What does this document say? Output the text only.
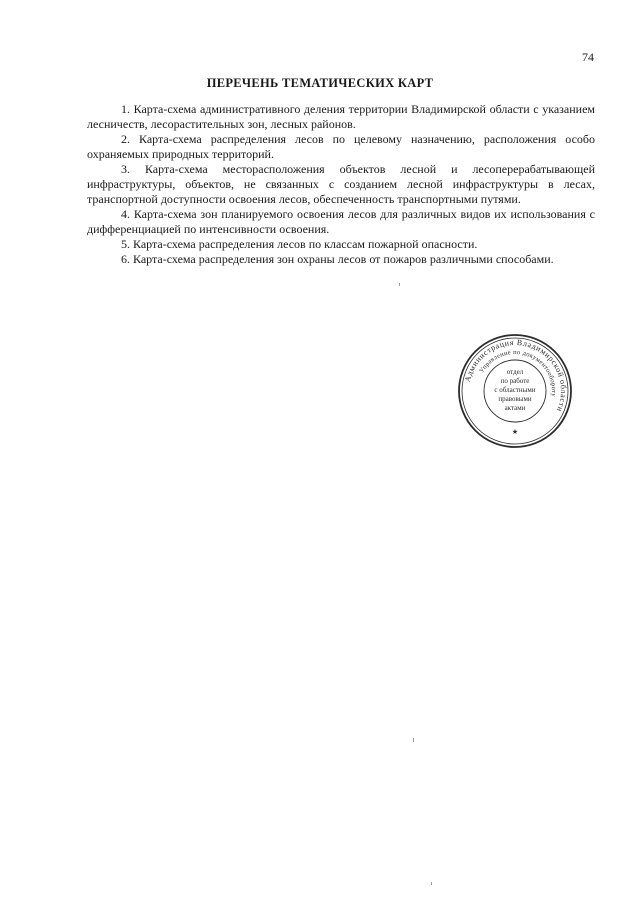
74
ПЕРЕЧЕНЬ ТЕМАТИЧЕСКИХ КАРТ
1. Карта-схема административного деления территории Владимирской области с указанием лесничеств, лесорастительных зон, лесных районов.
2. Карта-схема распределения лесов по целевому назначению, расположения особо охраняемых природных территорий.
3. Карта-схема месторасположения объектов лесной и лесоперерабатывающей инфраструктуры, объектов, не связанных с созданием лесной инфраструктуры в лесах, транспортной доступности освоения лесов, обеспеченность транспортными путями.
4. Карта-схема зон планируемого освоения лесов для различных видов их использования с дифференциацией по интенсивности освоения.
5. Карта-схема распределения лесов по классам пожарной опасности.
6. Карта-схема распределения зон охраны лесов от пожаров различными способами.
Администрация Владимирской области
Управление по документообороту
★
отдел
по работе
с областными
правовыми
актами
